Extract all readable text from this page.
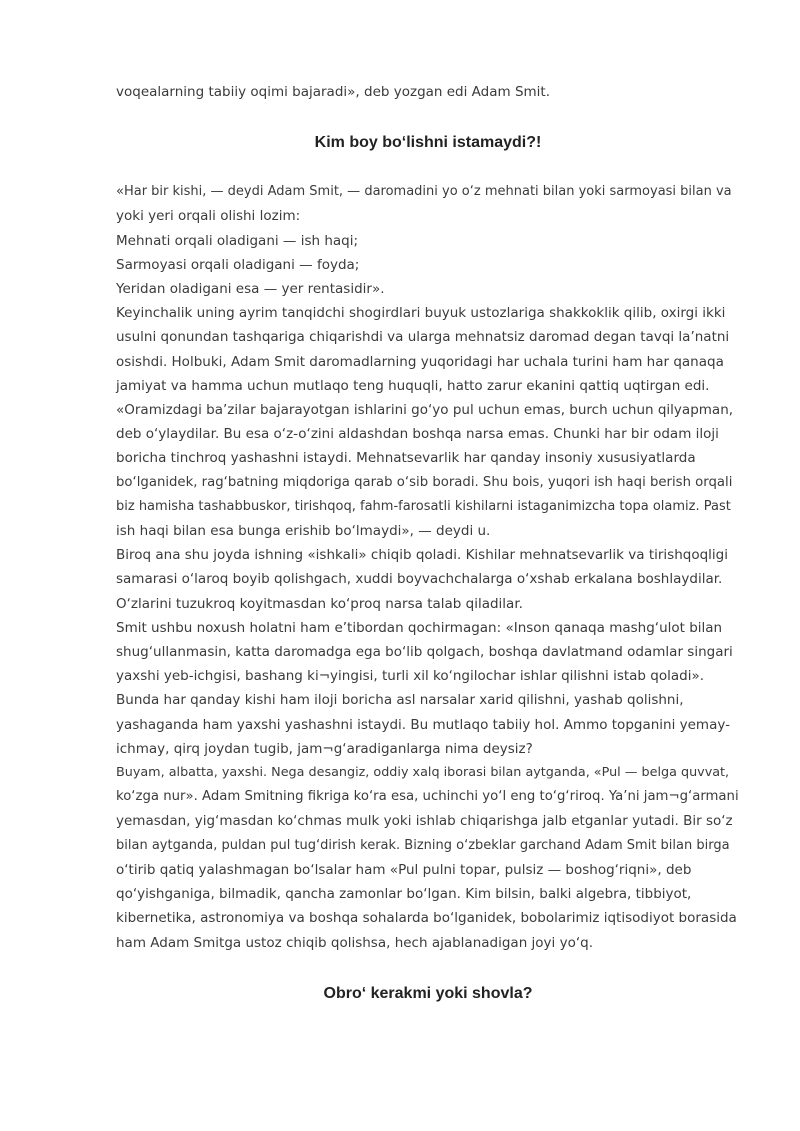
voqealarning tabiiy oqimi bajaradi», deb yozgan edi Adam Smit.

Kim boy bo‘lishni istamaydi?!

«Har bir kishi, — deydi Adam Smit, — daromadini yo o‘z mehnati bilan yoki sarmoyasi bilan va

yoki yeri orqali olishi lozim:

Mehnati orqali oladigani — ish haqi;

Sarmoyasi orqali oladigani — foyda;

Yeridan oladigani esa — yer rentasidir».

Keyinchalik uning ayrim tanqidchi shogirdlari buyuk ustozlariga shakkoklik qilib, oxirgi ikki

usulni qonundan tashqariga chiqarishdi va ularga mehnatsiz daromad degan tavqi la’natni

osishdi. Holbuki, Adam Smit daromadlarning yuqoridagi har uchala turini ham har qanaqa

jamiyat va hamma uchun mutlaqo teng huquqli, hatto zarur ekanini qattiq uqtirgan edi.

«Oramizdagi ba’zilar bajarayotgan ishlarini go‘yo pul uchun emas, burch uchun qilyapman,

deb o‘ylaydilar. Bu esa o‘z-o‘zini aldashdan boshqa narsa emas. Chunki har bir odam iloji

boricha tinchroq yashashni istaydi. Mehnatsevarlik har qanday insoniy xususiyatlarda

bo‘lganidek, rag‘batning miqdoriga qarab o‘sib boradi. Shu bois, yuqori ish haqi berish orqali

biz hamisha tashabbuskor, tirishqoq, fahm-farosatli kishilarni istaganimizcha topa olamiz. Past

ish haqi bilan esa bunga erishib bo‘lmaydi», — deydi u.

Biroq ana shu joyda ishning «ishkali» chiqib qoladi. Kishilar mehnatsevarlik va tirishqoqligi

samarasi o‘laroq boyib qolishgach, xuddi boyvachchalarga o‘xshab erkalana boshlaydilar.

O‘zlarini tuzukroq koyitmasdan ko‘proq narsa talab qiladilar.

Smit ushbu noxush holatni ham e’tibordan qochirmagan: «Inson qanaqa mashg‘ulot bilan

shug‘ullanmasin, katta daromadga ega bo‘lib qolgach, boshqa davlatmand odamlar singari

yaxshi yeb-ichgisi, bashang ki¬yingisi, turli xil ko‘ngilochar ishlar qilishni istab qoladi».

Bunda har qanday kishi ham iloji boricha asl narsalar xarid qilishni, yashab qolishni,

yashaganda ham yaxshi yashashni istaydi. Bu mutlaqo tabiiy hol. Ammo topganini yemay-

ichmay, qirq joydan tugib, jam¬g‘aradiganlarga nima deysiz?

Buyam, albatta, yaxshi. Nega desangiz, oddiy xalq iborasi bilan aytganda, «Pul — belga quvvat,

ko‘zga nur». Adam Smitning fikriga ko‘ra esa, uchinchi yo‘l eng to‘g‘riroq. Ya’ni jam¬g‘armani

yemasdan, yig‘masdan ko‘chmas mulk yoki ishlab chiqarishga jalb etganlar yutadi. Bir so‘z

bilan aytganda, puldan pul tug‘dirish kerak. Bizning o‘zbeklar garchand Adam Smit bilan birga

o‘tirib qatiq yalashmagan bo‘lsalar ham «Pul pulni topar, pulsiz — boshog‘riqni», deb

qo‘yishganiga, bilmadik, qancha zamonlar bo‘lgan. Kim bilsin, balki algebra, tibbiyot,

kibernetika, astronomiya va boshqa sohalarda bo‘lganidek, bobolarimiz iqtisodiyot borasida

ham Adam Smitga ustoz chiqib qolishsa, hech ajablanadigan joyi yo‘q.

Obro‘ kerakmi yoki shovla?
